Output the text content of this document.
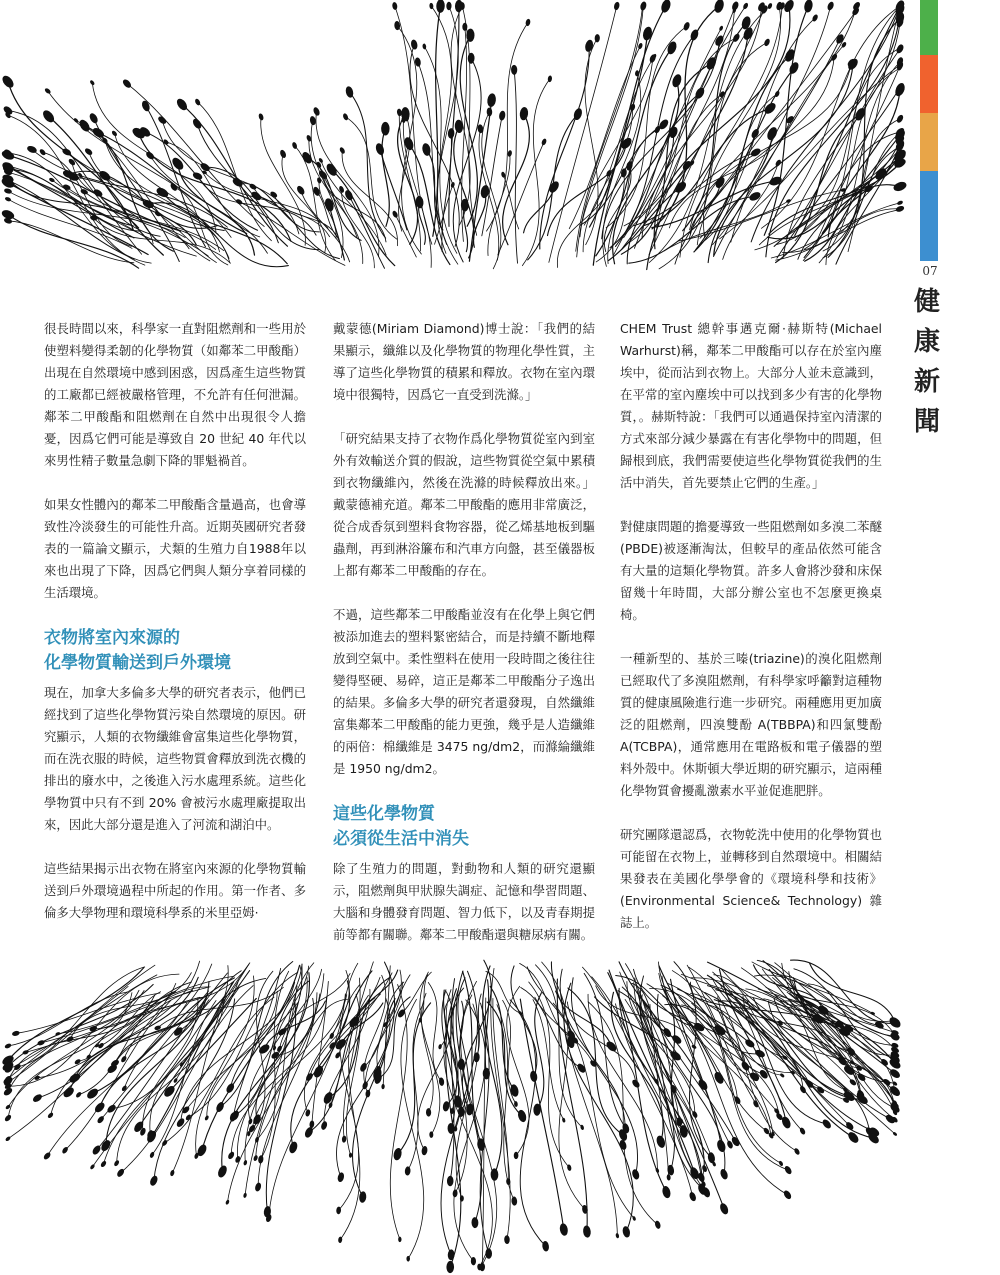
07
健
康
新
聞

很長時間以來，科學家一直對阻燃劑和一些用於使塑料變得柔韌的化學物質（如鄰苯二甲酸酯）出現在自然環境中感到困惑，因爲產生這些物質的工廠都已經被嚴格管理，不允許有任何泄漏。鄰苯二甲酸酯和阻燃劑在自然中出現很令人擔憂，因爲它們可能是導致自 20 世紀 40 年代以來男性精子數量急劇下降的罪魁禍首。

如果女性體內的鄰苯二甲酸酯含量過高，也會導致性冷淡發生的可能性升高。近期英國研究者發表的一篇論文顯示，犬類的生殖力自1988年以來也出現了下降，因爲它們與人類分享着同樣的生活環境。

衣物將室內來源的
化學物質輸送到戶外環境

現在，加拿大多倫多大學的研究者表示，他們已經找到了這些化學物質污染自然環境的原因。研究顯示，人類的衣物纖維會富集這些化學物質，而在洗衣服的時候，這些物質會釋放到洗衣機的排出的廢水中，之後進入污水處理系統。這些化學物質中只有不到 20% 會被污水處理廠提取出來，因此大部分還是進入了河流和湖泊中。

這些結果揭示出衣物在將室內來源的化學物質輸送到戶外環境過程中所起的作用。第一作者、多倫多大學物理和環境科學系的米里亞姆·

戴蒙德(Miriam Diamond)博士說：「我們的結果顯示，纖維以及化學物質的物理化學性質，主導了這些化學物質的積累和釋放。衣物在室內環境中很獨特，因爲它一直受到洗滌。」

「研究結果支持了衣物作爲化學物質從室內到室外有效輸送介質的假說，這些物質從空氣中累積到衣物纖維內，然後在洗滌的時候釋放出來。」戴蒙德補充道。鄰苯二甲酸酯的應用非常廣泛，從合成香氛到塑料食物容器，從乙烯基地板到驅蟲劑，再到淋浴簾布和汽車方向盤，甚至儀器板上都有鄰苯二甲酸酯的存在。

不過，這些鄰苯二甲酸酯並沒有在化學上與它們被添加進去的塑料緊密結合，而是持續不斷地釋放到空氣中。柔性塑料在使用一段時間之後往往變得堅硬、易碎，這正是鄰苯二甲酸酯分子逸出的結果。多倫多大學的研究者還發現，自然纖維富集鄰苯二甲酸酯的能力更強，幾乎是人造纖維的兩倍：棉纖維是 3475 ng/dm2，而滌綸纖維是 1950 ng/dm2。

這些化學物質
必須從生活中消失

除了生殖力的問題，對動物和人類的研究還顯示，阻燃劑與甲狀腺失調症、記憶和學習問題、大腦和身體發育問題、智力低下，以及青春期提前等都有關聯。鄰苯二甲酸酯還與糖尿病有關。

CHEM Trust 總幹事邁克爾·赫斯特(Michael Warhurst)稱，鄰苯二甲酸酯可以存在於室內塵埃中，從而沾到衣物上。大部分人並未意識到，在平常的室內塵埃中可以找到多少有害的化學物質，。赫斯特說：「我們可以通過保持室內清潔的方式來部分減少暴露在有害化學物中的問題，但歸根到底，我們需要使這些化學物質從我們的生活中消失，首先要禁止它們的生產。」

對健康問題的擔憂導致一些阻燃劑如多溴二苯醚(PBDE)被逐漸淘汰，但較早的產品依然可能含有大量的這類化學物質。許多人會將沙發和床保留幾十年時間，大部分辦公室也不怎麼更換桌椅。

一種新型的、基於三嗪(triazine)的溴化阻燃劑已經取代了多溴阻燃劑，有科學家呼籲對這種物質的健康風險進行進一步研究。兩種應用更加廣泛的阻燃劑，四溴雙酚 A(TBBPA)和四氯雙酚 A(TCBPA)，通常應用在電路板和電子儀器的塑料外殼中。休斯頓大學近期的研究顯示，這兩種化學物質會擾亂激素水平並促進肥胖。

研究團隊還認爲，衣物乾洗中使用的化學物質也可能留在衣物上，並轉移到自然環境中。相關結果發表在美國化學學會的《環境科學和技術》(Environmental Science& Technology) 雜誌上。
